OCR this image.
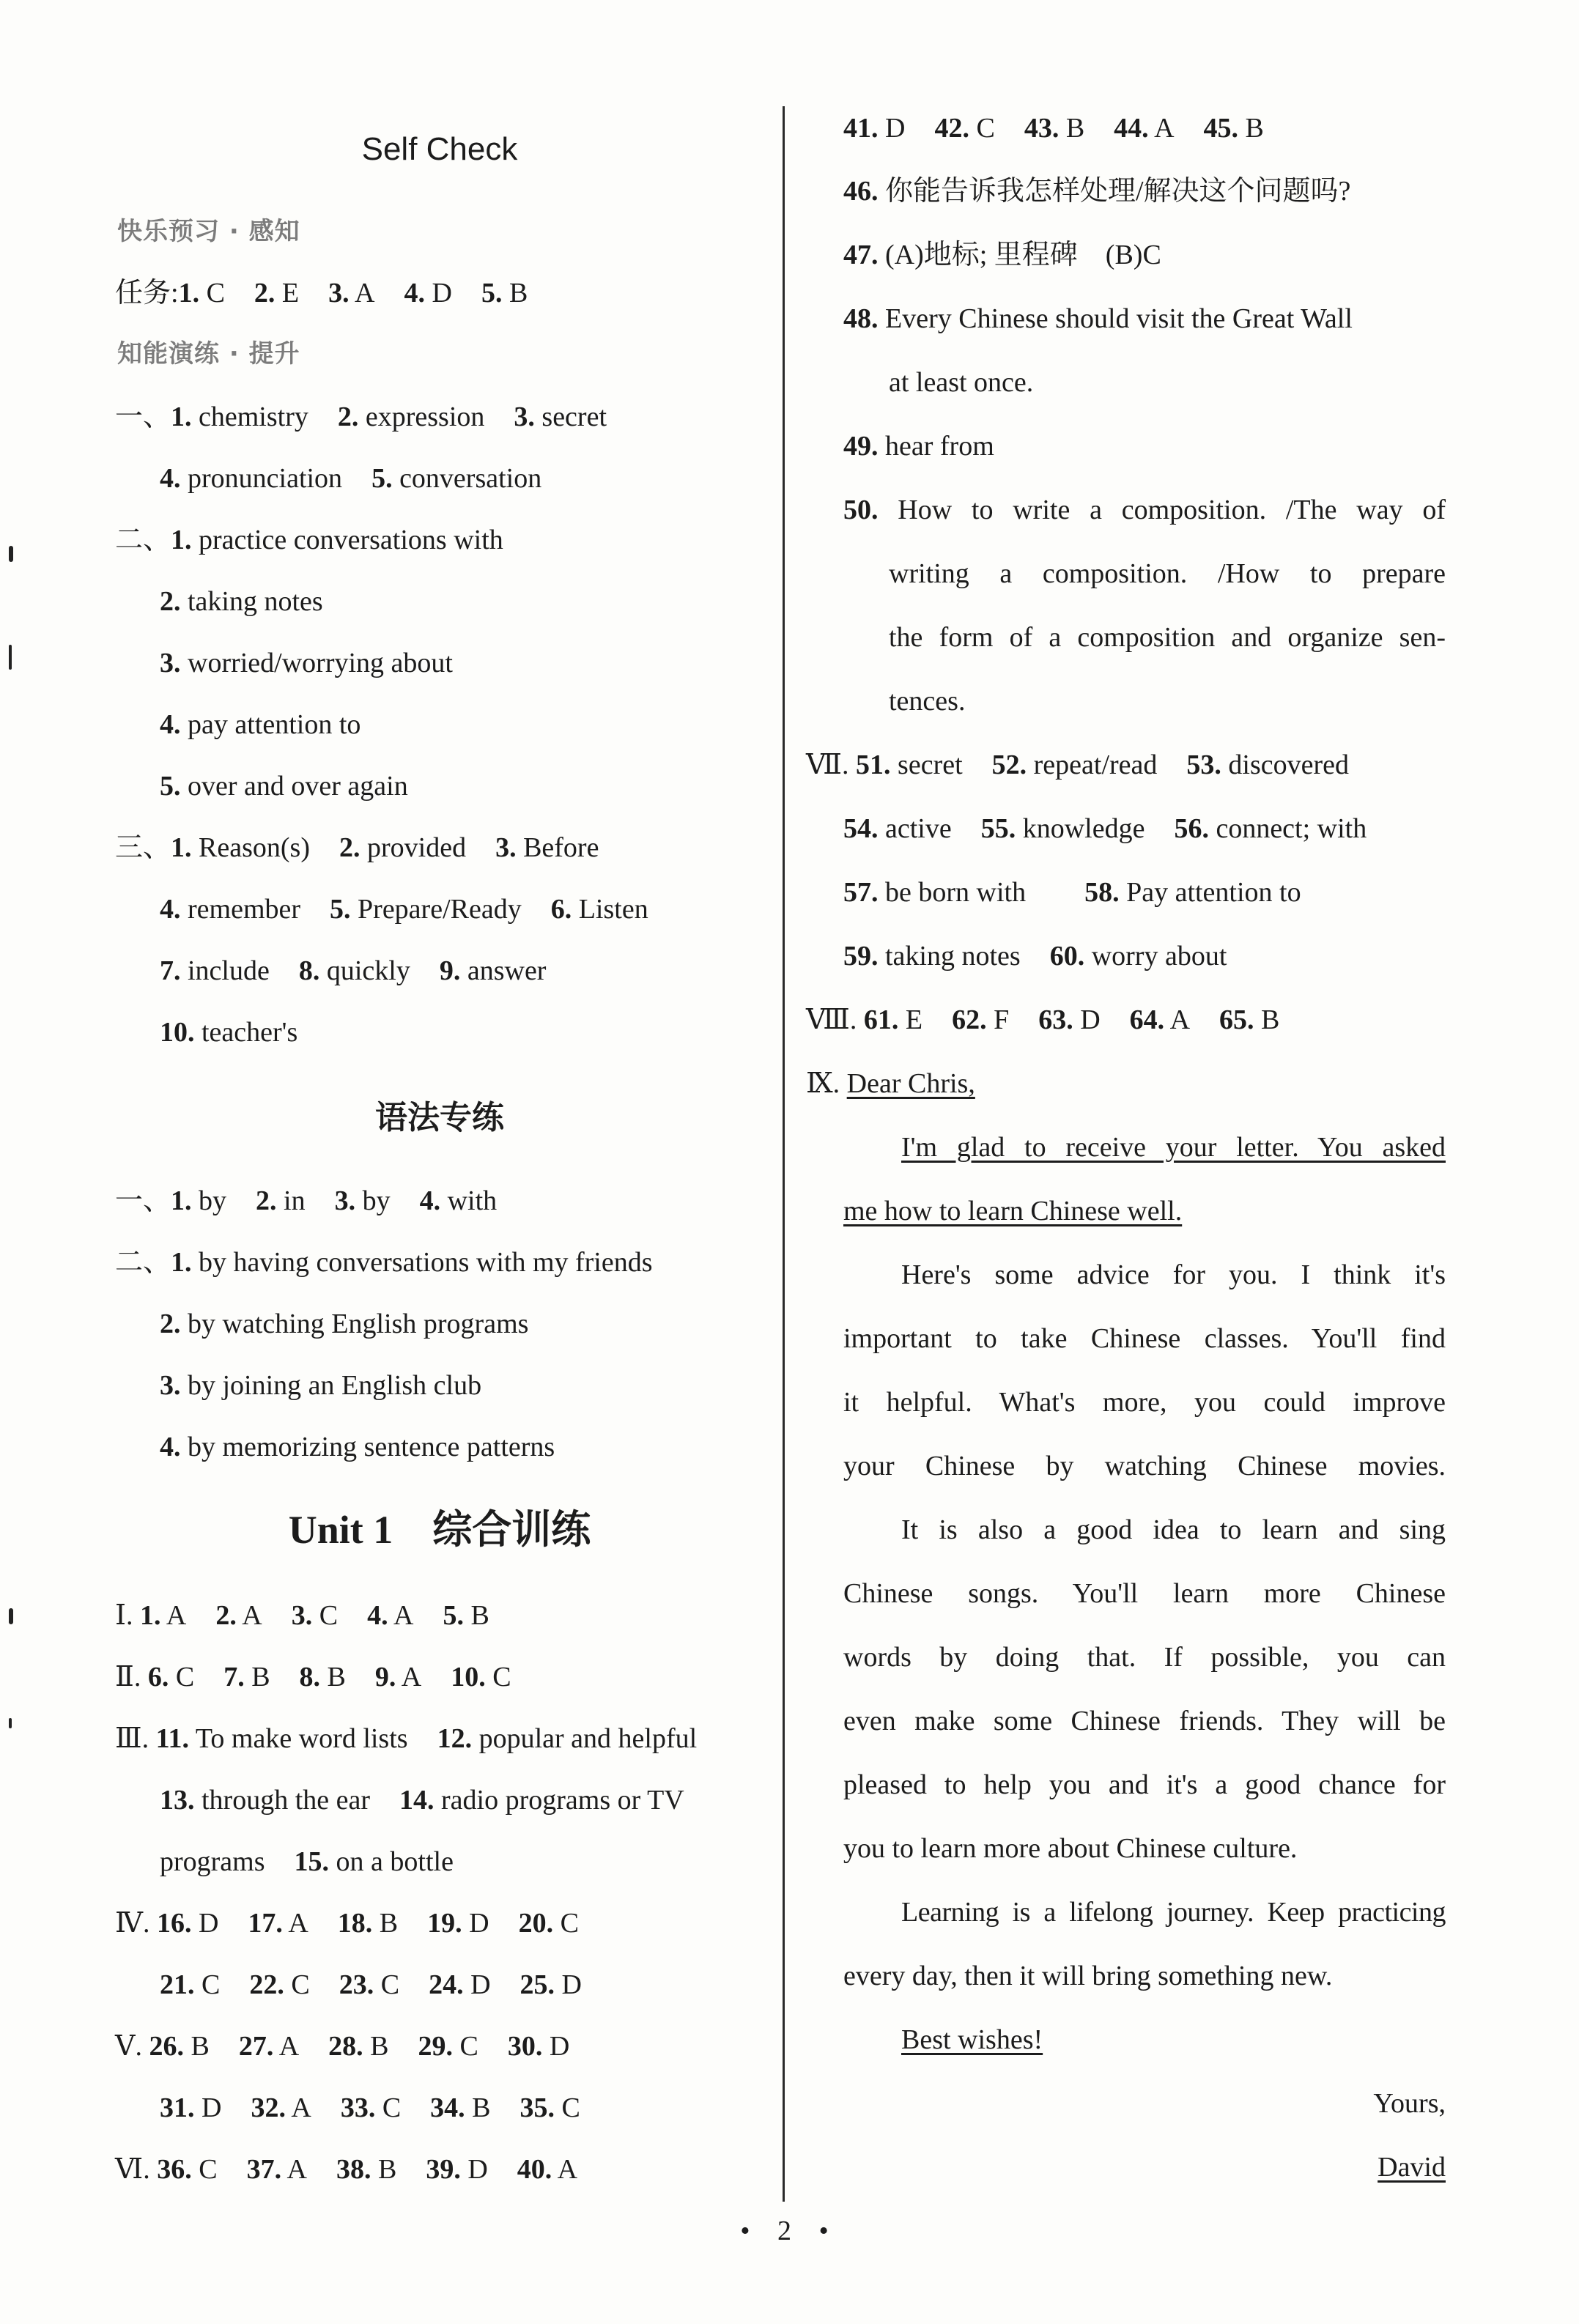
Self Check
快乐预习 · 感知
任务:1. C 2. E 3. A 4. D 5. B
知能演练 · 提升
一、1. chemistry 2. expression 3. secret
4. pronunciation 5. conversation
二、1. practice conversations with
2. taking notes
3. worried/worrying about
4. pay attention to
5. over and over again
三、1. Reason(s) 2. provided 3. Before
4. remember 5. Prepare/Ready 6. Listen
7. include 8. quickly 9. answer
10. teacher's
语法专练
一、1. by 2. in 3. by 4. with
二、1. by having conversations with my friends
2. by watching English programs
3. by joining an English club
4. by memorizing sentence patterns
Unit 1　综合训练
Ⅰ. 1. A 2. A 3. C 4. A 5. B
Ⅱ. 6. C 7. B 8. B 9. A 10. C
Ⅲ. 11. To make word lists 12. popular and helpful
13. through the ear 14. radio programs or TV
programs 15. on a bottle
Ⅳ. 16. D 17. A 18. B 19. D 20. C
21. C 22. C 23. C 24. D 25. D
Ⅴ. 26. B 27. A 28. B 29. C 30. D
31. D 32. A 33. C 34. B 35. C
Ⅵ. 36. C 37. A 38. B 39. D 40. A
41. D 42. C 43. B 44. A 45. B
46. 你能告诉我怎样处理/解决这个问题吗?
47. (A)地标; 里程碑　(B)C
48. Every Chinese should visit the Great Wall
at least once.
49. hear from
50. How to write a composition. /The way of
writing a composition. /How to prepare
the form of a composition and organize sen-
tences.
Ⅶ. 51. secret 52. repeat/read 53. discovered
54. active 55. knowledge 56. connect; with
57. be born with 58. Pay attention to
59. taking notes 60. worry about
Ⅷ. 61. E 62. F 63. D 64. A 65. B
Ⅸ. Dear Chris,
I'm glad to receive your letter. You asked
me how to learn Chinese well.
Here's some advice for you. I think it's
important to take Chinese classes. You'll find
it helpful. What's more, you could improve
your Chinese by watching Chinese movies.
It is also a good idea to learn and sing
Chinese songs. You'll learn more Chinese
words by doing that. If possible, you can
even make some Chinese friends. They will be
pleased to help you and it's a good chance for
you to learn more about Chinese culture.
Learning is a lifelong journey. Keep practicing
every day, then it will bring something new.
Best wishes!
Yours,
David
• 2 •
